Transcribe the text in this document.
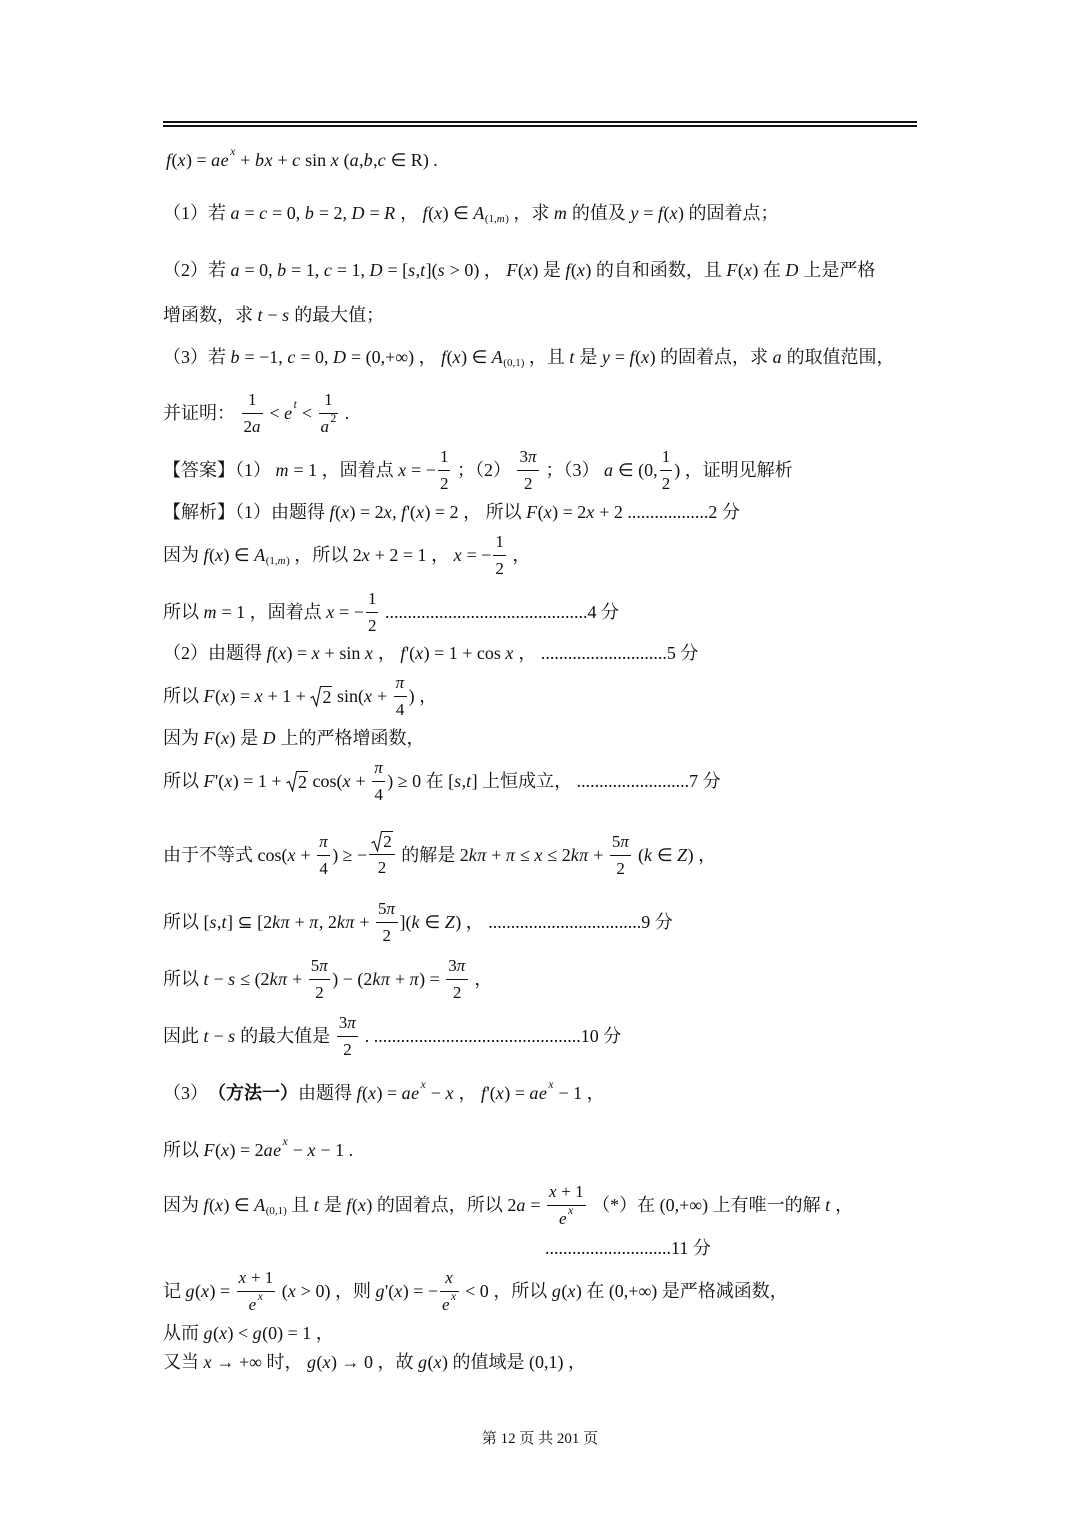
f(x) = ae x + bx + c sin x (a,b,c ∈ R ) .
（1）若 a = c = 0, b = 2, D = R ， f(x) ∈ A (1,m) ，求 m 的值及 y = f(x) 的固着点；
（2）若 a = 0, b = 1, c = 1, D = [s,t](s > 0) ， F(x) 是 f(x) 的自和函数，且 F(x) 在 D 上是严格
增函数，求 t − s 的最大值；
（3）若 b = −1, c = 0, D = (0,+∞) ， f(x) ∈ A (0,1) ，且 t 是 y = f(x) 的固着点，求 a 的取值范围，
并证明： $\frac{1}{2a} < e$ $t < \frac{1}{a 2}$ .
【答案】（1） m = 1 ，固着点 x = − $\frac{1}{2}$ ；$(2) \frac{3\pi}{2}$ ；（3） a ∈ (0, $\frac{1}{2}$ ) ，证明见解析
【解析】（1）由题得 f(x) = 2x, f'(x) = 2 ， 所以 F(x) = 2x + 2 ..................2 分
因为 f(x) ∈ A (1,m) ，所以 2x + 2 = 1 ， x = − $\frac{1}{2}$ ，
所以 m = 1 ，固着点 x = − $\frac{1}{2} .............................................4$ 分
（2）由题得 f(x) = x + sin x ， f'(x) = 1 + cos x ， ............................5 分
所以 F(x) = x + 1 + 2 $\sin(x + \frac{\pi}{4}$ ) ，
因为 F(x) 是 D 上的严格增函数，
所以 F'(x) = 1 + 2 $\cos(x + \frac{\pi}{4}$ ) ≥ 0 在 [s,t] 上恒成立， .........................7 分
由于不等式 $\cos(x + \frac{\pi}{4}$ ) ≥ − $\frac{2}{2}$ 的解是 $2k\pi + \pi \le x \le 2k\pi + \frac{5\pi}{2} (k$ ∈ Z) ，
所以 [s,t] ⊆ [2kπ + π, $2k\pi + \frac{5\pi}{2} ](k$ ∈ Z) ， ..................................9 分
所以 $t - s \le (2k\pi + \frac{5\pi}{2}$ ) − $(2k\pi + \pi) = \frac{3\pi}{2}$ ，
因此 t − s 的最大值是 $\frac{3\pi}{2}$ . ..............................................10 分
（3） （方法一） 由题得 f(x) = ae x − x ， f'(x) = ae x − 1 ，
所以 F(x) = 2ae x − x − 1 .
因为 f(x) ∈ A (0,1) 且 t 是 f(x) 的固着点，所以 $2a = \frac{x + 1}{\text{e x}}$ （*）在 (0,+∞) 上有唯一的解 t ，
............................11 分
记 $g(x) = \frac{x + 1}{\text{e x}} (x > 0)$ ，则 g'(x) = − $\frac{x}{\text{e x}} < 0$ ，所以 g(x) 在 (0,+∞) 是严格减函数，
从而 g(x) < g(0) = 1 ，
又当 x → +∞ 时， g(x) → 0 ，故 g(x) 的值域是 (0,1) ，
第 12 页 共 201 页
